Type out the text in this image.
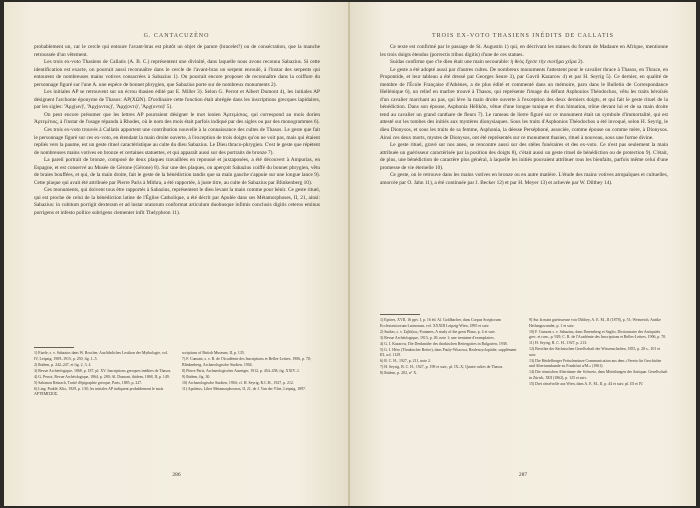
G. CANTACUZÈNO

probablement un, car le cercle qui entoure l'avant-bras est plutôt un objet de parure (bracelet?) ou de consécration, que la manche retroussée d'un vêtement.

Les trois ex-voto Thasiens de Callatis (A. B. C.) représentent une divinité, dans laquelle nous avons reconnu Sabazius. Si cette identification est exacte, on pourrait aussi reconnaître dans le cercle de l'avant-bras un serpent enroulé, à l'instar des serpents qui entourent de nombreuses mains votives consacrées à Sabazius 1). On pourrait encore proposer de reconnaître dans la coiffure du personnage figuré sur l'une A. une espèce de bonnet phrygien, que Sabazius porte sur de nombreux monuments 2).

Les initiales AP se retrouvent sur un écrou thasien édité par E. Miller 3). Selon G. Perrot et Albert Dumont 4), les initiales AP désignent l'archonte éponyme de Thasos: ΑΡ(ΧΩΝ). D'ordinaire cette fonction était abrégée dans les inscriptions grecques lapidaires, par les sigles: 'Ἀρχ(ων)', 'Ἀρχ(οντος)', 'Ἀρχ(οντι)', 'Ἀρχ(οντα)' 5).

On peut encore présumer que les lettres AP pourraient désigner le mot ionien Ἀρτεμίσιος, qui correspond au mois dorien Ἀρτεμίτιος, à l'instar de l'usage répandu à Rhodes, où le nom des mois était parfois indiqué par des sigles ou par des monogrammes 6).

Ces trois ex-voto trouvés à Callatis apportent une contribution nouvelle à la connaissance des cultes de Thasos. Le geste que fait le personnage figuré sur ces ex-voto, en étendant la main droite ouverte, à l'exception de trois doigts qu'on ne voit pas, mais qui étaient repliés vers la paume, est un geste rituel caractéristique au culte du dieu Sabazius. Le Dieu thraco-phrygien. C'est le geste que répètent de nombreuses mains votives en bronze et certaines statuettes, et qui apparaît aussi sur des portraits de bronze 7).

La pareil portrait de bronze, composé de deux plaques travaillées en repoussé et juxtaposées, a été découvert à Ampurias, en Espagne, et est conservé au Musée de Gérone (Gérone) 8). Sur une des plaques, on aperçoit Sabazius coiffé du bonnet phrygien, vêtu de braies bouffées, et qui, de la main droite, fait le geste de la bénédiction tandis que sa main gauche s'appuie sur une longue lance 9). Cette plaque qui avait été attribuée par Pierre Paris à Mithra, a été rapportée, à juste titre, au culte de Sabazius par Blinkenberg 10).

Ces monuments, qui doivent tous être rapportés à Sabazius, représentent le dieu levant la main comme pour bénir. Ce geste rituel, qui est proche de celui de la bénédiction latine de l'Église Catholique, a été décrit par Apulée dans ses Métamorphoses, II, 21, ainsi: Sabazius: in cubitum porrigit dexteram et ad instar oratorum conformat articulum duobusque infimis conclusis digitis ceteros eminus porrigens et infesto pollice subrigens clementer infit Thelyphron 11).

1) Eisele, s. v. Sabazios dans W. Roscher, Ausführliches Lexikon der Mythologie, vol. IV, Leipzig, 1909–1915, p. 250, fig. 1–5.
2) Ibidem, p. 242–247, et fig. 2, 3, 4.
3) Revue Archéologique, 1868, p. 187, pl. XV. Inscriptions grecques inédites de Thasos.
4) G. Perrot, Revue Archéologique, 1864, p. 280; Al. Dumont, ibidem, 1868, II, p. 149.
5) Salomon Reinach, Traité d'épigraphie grecque, Paris, 1885, p. 227.
6) Ling. Praklé, Klio, 1929, p. 130; les initiales AP indiquent probablement le mois ΑΡΤΕΜΙΣΙΟΣ.
scriptions of British Museum, II, p. 135.
7) F. Cumont, s. v. R. de l'Académie des Inscriptions et Belles-Lettres, 1906, p. 70; Blinkenberg, Archaeologische Studien, 1904.
8) Pierre Paris, Archaeologischer Anzeiger, 1912, p. 454–458, fig. XXIV–I.
9) Ibidem, fig. 30.
10) Archaeologische Studien, 1904; cf. H. Seyrig, R.C.H., 1927, p. 212.
11) Apuleius, Liber Metamorphoseon, II, 21, de J. Van der Vliet, Leipzig, 1897.
286
TROIS EX-VOTO THASIENS INÉDITS DE CALLATIS

Ce texte est confirmé par le passage de St. Augustin 1) qui, en décrivant les statues du forum de Madaure en Afrique, mentionne les trois doigts étendus (porrectis tribus digitis) d'une de ces statues.

Suidas confirme que c'le dieu était une main secourable: ἡ θεὸς ἔχεσε τὴν σωτῆρα χεῖρα 2).

Le geste a été adopté aussi par d'autres cultes. De nombreux monuments l'attestent pour le cavalier thrace à Thasos, en Thrace, en Propontide, et leur tableau a été dressé par Georges Seure 3), par Gavril Kazarow 4) et par H. Seyrig 5). Ce dernier, en qualité de membre de l'École Française d'Athènes, a de plus édité et commenté dans un mémoire, paru dans le Bulletin de Correspondance Hellénique 6), un relief en marbre trouvé à Thasos, qui représente l'image du défunt Asphonios Théodochos, vêtu les traits héroïsés d'un cavalier marchant au pas, qui lève la main droite ouverte à l'exception des deux derniers doigts, et qui fait le geste rituel de la bénédiction. Dans son épouse, Asphonia Hélikôn, vêtue d'une longue tunique et d'un himation, trône devant lui et de sa main droite tend au cavalier un grand canthare de fleurs 7). Le rameau de lierre figuré sur ce monument était un symbole d'immortalité, qui est attesté sur les tombes des initiés aux mystères dionysiaques. Sous les traits d'Asphonios Théodochos a été invoqué, selon H. Seyrig, le dieu Dionysos, et sous les traits de sa femme, Asphonia, la déesse Perséphoné, associée, comme épouse ou comme mère, à Dionysos. Ainsi ces deux morts, mystes de Dionysos, ont été représentés sur ce monument thasien, rituel à nouveau, sous une forme divine.

Le geste rituel, gravé sur nos aneu, se rencontre aussi sur des stèles funéraires et des ex-voto. Ce n'est pas seulement la main attribuée un guérisseur caractérisée par la position des doigts 8), c'était aussi un geste rituel de bénédiction ou de protection 9). C'était, de plus, une bénédiction de caractère plus général, à laquelle les initiés pouvaient attribuer tous les bienfaits, parfois même celui d'une promesse de vie éternelle 10).

Ce geste, on le retrouve dans les mains votives en bronze ou en autre matière. L'étude des mains votives atropaïques et cultuelles, amorcée par O. Jahn 11), a été continuée par J. Becker 12) et par H. Meyer 13) et achevée par W. Dilthey 14).

1) Epitres, XVII, 16 ppv. I, p. 16 éd. Al. Goldbacher, dans Corpus Scriptorum Ecclesiasticorum Latinorum, vol. XXXIII Leipzig-Wien, 1895 et suiv.
2) Suidas, s. v. Σεβάζιος; Fontanes, A study of the great Plano, p. 4 et suiv.
3) Revue Archéologique, 1913, p. 49, note 1; une trentaine d'exemplaires.
4) G. I. Kazarow, Die Denkmäler des thrakischen Reitergottes in Bulgarien, 1938.
5) G. I. Héro (Thrakischer Reiter), dans Pauly-Wissowa, Realencyclopädie, supplément III, col. 1129.
6) R. C. H., 1927, p. 211, note 2.
7) H. Seyrig, B. C. H., 1927, p. 198 et suiv., pl. IX–X; Quatre cultes de Thasos.
8) Ibidem, p. 202, n° X.
9) Sur la main guérisseuse voir Dilthey, A. E. M., II (1878), p. 51; Weinreich, Antike Heilungswunder, p. 1 et suiv.
10) F. Cumont s. v. Sabazius, dans Daremberg et Saglio, Dictionnaire des Antiquités grec. et rom., p. 929; C. R. de l'Académie des Inscriptions et Belles-Lettres, 1906, p. 70.
11) H. Seyrig, R. C. H., 1927, p. 213.
12) Berichte der Sächsischen Gesellschaft der Wissenschaften, 1855, p. 28 s., 101 et suiv.
13) Die Heidelberger Fetischmünze Communication aus dem «Verein für Geschichte und Altertumskunde zu Frankfurt a/M.» (1861).
14) Die römischen Altertümer der Schweiz, dans Mitteilungen der Antiquar. Gesellschaft in Zürich, XIII (1862), p. 125 et suiv.
15) Drei rätselvolle aus Wien, dans A. E. M., II, p. 44 et suiv. pl. III et IV.
287
